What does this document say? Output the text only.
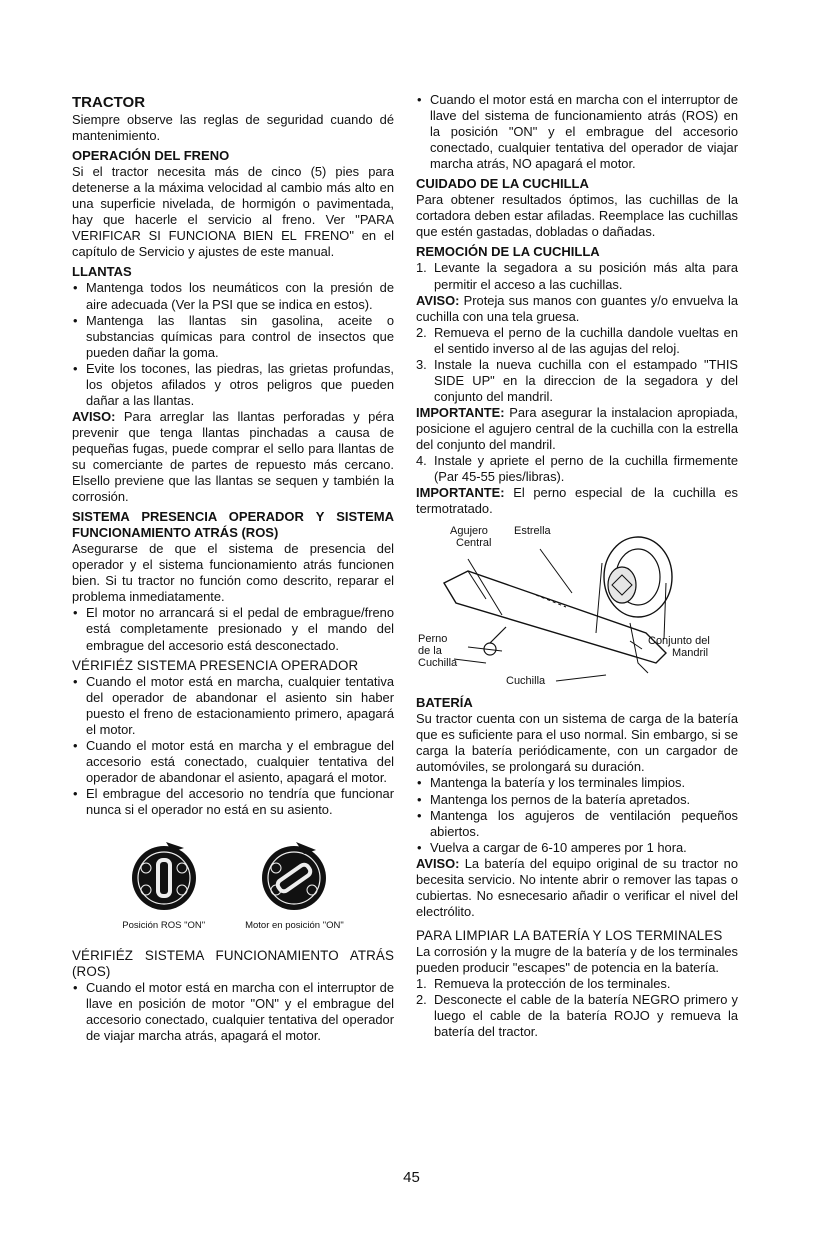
TRACTOR

Siempre observe las reglas de seguridad cuando dé mantenimiento.

OPERACIÓN DEL FRENO

Si el tractor necesita más de cinco (5) pies para detenerse a la máxima velocidad al cambio más alto en una superficie nivelada, de hormigón o pavimentada, hay que hacerle el servicio al freno. Ver "PARA VERIFICAR SI FUNCIONA BIEN EL FRENO" en el capítulo de Servicio y ajustes de este manual.

LLANTAS

• Mantenga todos los neumáticos con la presión de aire adecuada (Ver la PSI que se indica en estos).
• Mantenga las llantas sin gasolina, aceite o substancias químicas para control de insectos que pueden dañar la goma.
• Evite los tocones, las piedras, las grietas profundas, los objetos afilados y otros peligros que pueden dañar a las llantas.

AVISO: Para arreglar las llantas perforadas y péra prevenir que tenga llantas pinchadas a causa de pequeñas fugas, puede comprar el sello para llantas de su comerciante de partes de repuesto más cercano. Elsello previene que las llantas se sequen y también la corrosión.

SISTEMA PRESENCIA OPERADOR Y SISTEMA FUNCIONAMIENTO ATRÁS (ROS)

Asegurarse de que el sistema de presencia del operador y el sistema funcionamiento atrás funcionen bien. Si tu tractor no función como descrito, reparar el problema inmediatamente.

• El motor no arrancará si el pedal de embrague/freno está completamente presionado y el mando del embrague del accesorio está desconectado.

VÉRIFIÉZ SISTEMA PRESENCIA OPERADOR

• Cuando el motor está en marcha, cualquier tentativa del operador de abandonar el asiento sin haber puesto el freno de estacionamiento primero, apagará el motor.
• Cuando el motor está en marcha y el embrague del accesorio está conectado, cualquier tentativa del operador de abandonar el asiento, apagará el motor.
• El embrague del accesorio no tendría que funcionar nunca si el operador no está en su asiento.
Posición ROS "ON"	Motor en posición "ON"

VÉRIFIÉZ SISTEMA FUNCIONAMIENTO ATRÁS (ROS)

• Cuando el motor está en marcha con el interruptor de llave en posición de motor "ON" y el embrague del accesorio conectado, cualquier tentativa del operador de viajar marcha atrás, apagará el motor.
• Cuando el motor está en marcha con el interruptor de llave del sistema de funcionamiento atrás (ROS) en la posición "ON" y el embrague del accesorio conectado, cualquier tentativa del operador de viajar marcha atrás, NO apagará el motor.

CUIDADO DE LA CUCHILLA

Para obtener resultados óptimos, las cuchillas de la cortadora deben estar afiladas. Reemplace las cuchillas que estén gastadas, dobladas o dañadas.

REMOCIÓN DE LA CUCHILLA

1. Levante la segadora a su posición más alta para permitir el acceso a las cuchillas.

AVISO: Proteja sus manos con guantes y/o envuelva la cuchilla con una tela gruesa.

2. Remueva el perno de la cuchilla dandole vueltas en el sentido inverso al de las agujas del reloj.
3. Instale la nueva cuchilla con el estampado "THIS SIDE UP" en la direccion de la segadora y del conjunto del mandril.

IMPORTANTE: Para asegurar la instalacion apropiada, posicione el agujero central de la cuchilla con la estrella del conjunto del mandril.

4. Instale y apriete el perno de la cuchilla firmemente (Par 45-55 pies/libras).

IMPORTANTE: El perno especial de la cuchilla es termotratado.

Agujero Estrella
Central
Perno
de la
Cuchilla
Conjunto del
Mandril
Cuchilla

BATERÍA

Su tractor cuenta con un sistema de carga de la batería que es suficiente para el uso normal. Sin embargo, si se carga la batería periódicamente, con un cargador de automóviles, se prolongará su duración.

• Mantenga la batería y los terminales limpios.
• Mantenga los pernos de la batería apretados.
• Mantenga los agujeros de ventilación pequeños abiertos.
• Vuelva a cargar de 6-10 amperes por 1 hora.

AVISO: La batería del equipo original de su tractor no becesita servicio. No intente abrir o remover las tapas o cubiertas. No esnecesario añadir o verificar el nivel del electrólito.

PARA LIMPIAR LA BATERÍA Y LOS TERMINALES

La corrosión y la mugre de la batería y de los terminales pueden producir "escapes" de potencia en la batería.

1. Remueva la protección de los terminales.
2. Desconecte el cable de la batería NEGRO primero y luego el cable de la batería ROJO y remueva la batería del tractor.
45
